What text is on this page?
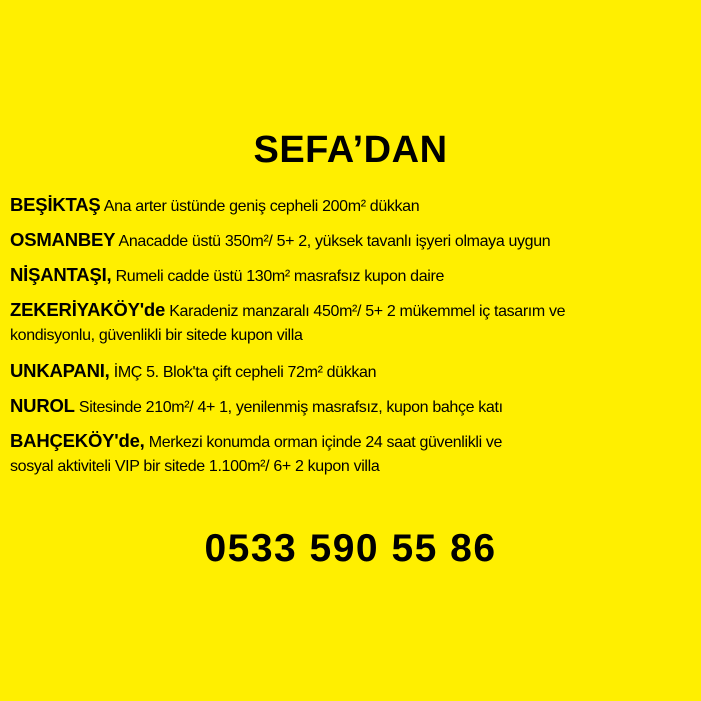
SEFA’DAN
BEŞİKTAŞ Ana arter üstünde geniş cepheli 200m² dükkan
OSMANBEY Anacadde üstü 350m²/ 5+ 2, yüksek tavanlı işyeri olmaya uygun
NİŞANTAŞI, Rumeli cadde üstü 130m² masrafsız kupon daire
ZEKERİYAKÖY'de Karadeniz manzaralı 450m²/ 5+ 2 mükemmel iç tasarım ve
kondisyonlu, güvenlikli bir sitede kupon villa
UNKAPANI, İMÇ 5. Blok'ta çift cepheli 72m² dükkan
NUROL Sitesinde 210m²/ 4+ 1, yenilenmiş masrafsız, kupon bahçe katı
BAHÇEKÖY'de, Merkezi konumda orman içinde 24 saat güvenlikli ve
sosyal aktiviteli VIP bir sitede 1.100m²/ 6+ 2 kupon villa
0533 590 55 86
